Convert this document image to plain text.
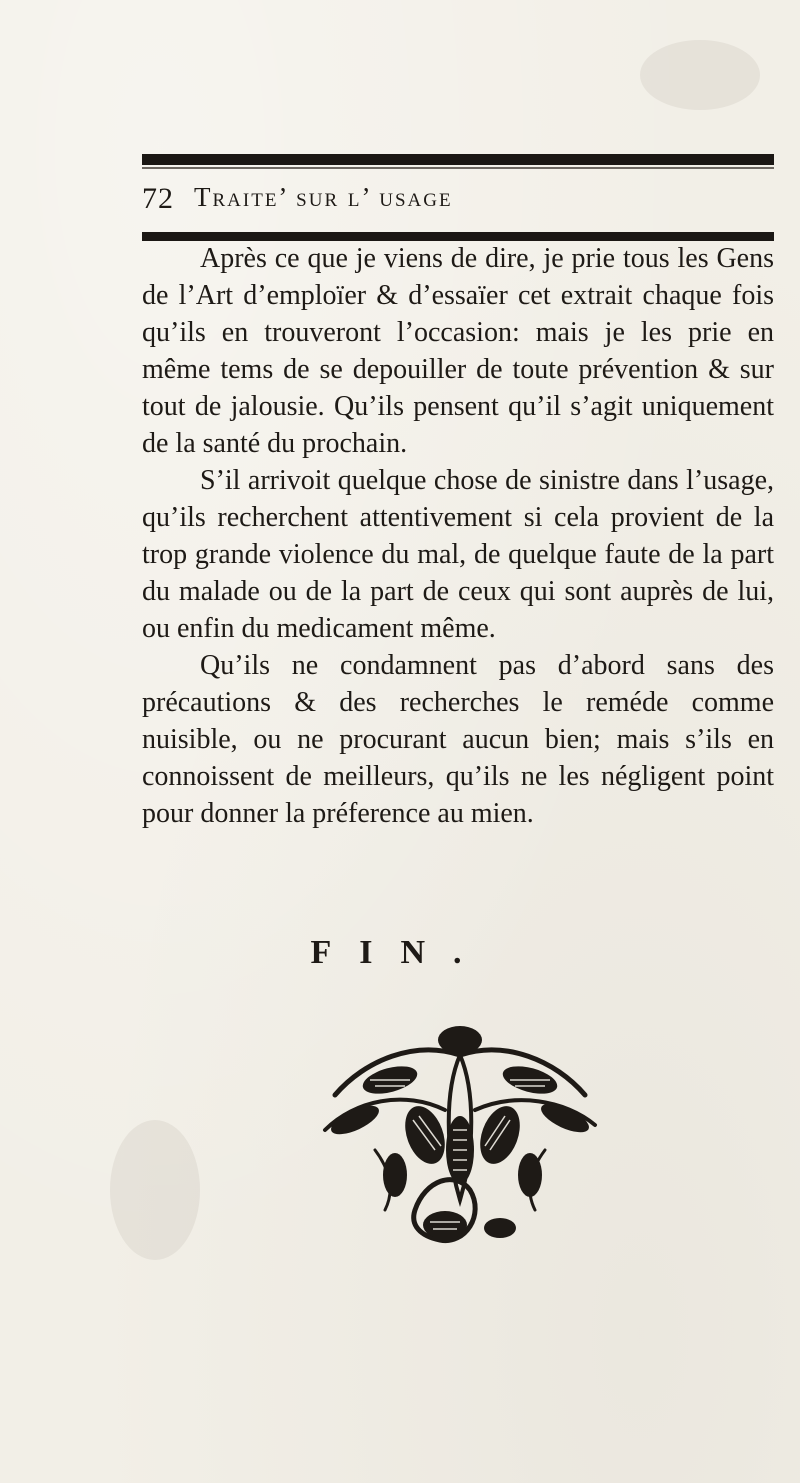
72 Traite’ sur l’ usage

Après ce que je viens de dire, je prie tous les Gens de l’Art d’emploïer & d’essaïer cet extrait chaque fois qu’ils en trouveront l’occasion: mais je les prie en même tems de se depouiller de toute prévention & sur tout de jalousie. Qu’ils pensent qu’il s’agit uniquement de la santé du prochain.

S’il arrivoit quelque chose de sinistre dans l’usage, qu’ils recherchent attentivement si cela provient de la trop grande violence du mal, de quelque faute de la part du malade ou de la part de ceux qui sont auprès de lui, ou enfin du medicament même.

Qu’ils ne condamnent pas d’abord sans des précautions & des recherches le reméde comme nuisible, ou ne procurant aucun bien; mais s’ils en connoissent de meilleurs, qu’ils ne les négligent point pour donner la préference au mien.

FIN.
